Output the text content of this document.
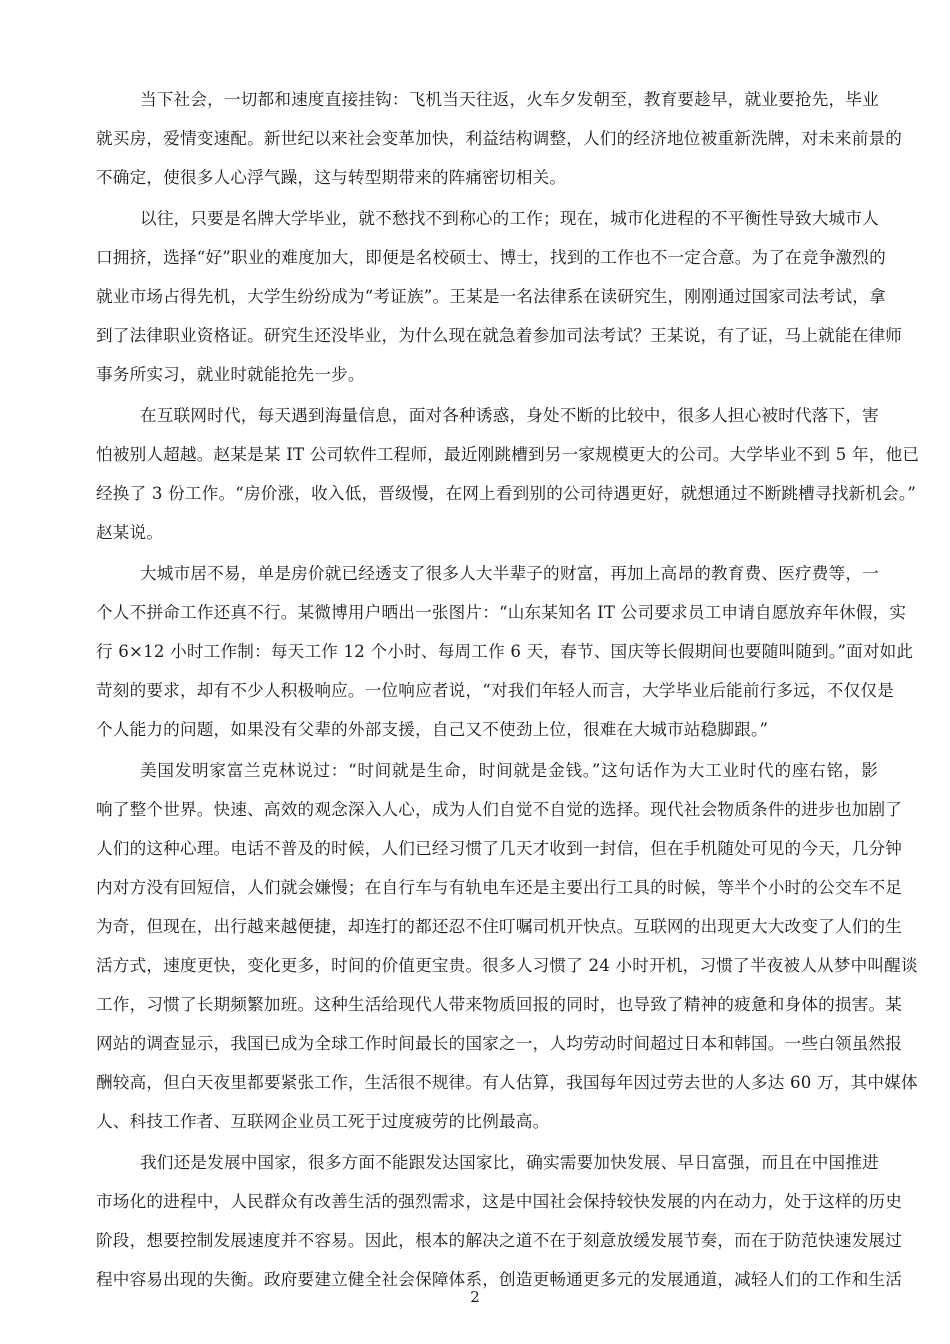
当下社会，一切都和速度直接挂钩：飞机当天往返，火车夕发朝至，教育要趁早，就业要抢先，毕业
就买房，爱情变速配。新世纪以来社会变革加快，利益结构调整，人们的经济地位被重新洗牌，对未来前景的
不确定，使很多人心浮气躁，这与转型期带来的阵痛密切相关。
以往，只要是名牌大学毕业，就不愁找不到称心的工作；现在，城市化进程的不平衡性导致大城市人
口拥挤，选择“好”职业的难度加大，即便是名校硕士、博士，找到的工作也不一定合意。为了在竞争激烈的
就业市场占得先机，大学生纷纷成为“考证族”。王某是一名法律系在读研究生，刚刚通过国家司法考试，拿
到了法律职业资格证。研究生还没毕业，为什么现在就急着参加司法考试？王某说，有了证，马上就能在律师
事务所实习，就业时就能抢先一步。
在互联网时代，每天遇到海量信息，面对各种诱惑，身处不断的比较中，很多人担心被时代落下，害
怕被别人超越。赵某是某 IT 公司软件工程师，最近刚跳槽到另一家规模更大的公司。大学毕业不到 5 年，他已
经换了 3 份工作。“房价涨，收入低，晋级慢，在网上看到别的公司待遇更好，就想通过不断跳槽寻找新机会。”
赵某说。
大城市居不易，单是房价就已经透支了很多人大半辈子的财富，再加上高昂的教育费、医疗费等，一
个人不拼命工作还真不行。某微博用户晒出一张图片：“山东某知名 IT 公司要求员工申请自愿放弃年休假，实
行 6×12 小时工作制：每天工作 12 个小时、每周工作 6 天，春节、国庆等长假期间也要随叫随到。”面对如此
苛刻的要求，却有不少人积极响应。一位响应者说，“对我们年轻人而言，大学毕业后能前行多远，不仅仅是
个人能力的问题，如果没有父辈的外部支援，自己又不使劲上位，很难在大城市站稳脚跟。”
美国发明家富兰克林说过：“时间就是生命，时间就是金钱。”这句话作为大工业时代的座右铭，影
响了整个世界。快速、高效的观念深入人心，成为人们自觉不自觉的选择。现代社会物质条件的进步也加剧了
人们的这种心理。电话不普及的时候，人们已经习惯了几天才收到一封信，但在手机随处可见的今天，几分钟
内对方没有回短信，人们就会嫌慢；在自行车与有轨电车还是主要出行工具的时候，等半个小时的公交车不足
为奇，但现在，出行越来越便捷，却连打的都还忍不住叮嘱司机开快点。互联网的出现更大大改变了人们的生
活方式，速度更快，变化更多，时间的价值更宝贵。很多人习惯了 24 小时开机，习惯了半夜被人从梦中叫醒谈
工作，习惯了长期频繁加班。这种生活给现代人带来物质回报的同时，也导致了精神的疲惫和身体的损害。某
网站的调查显示，我国已成为全球工作时间最长的国家之一，人均劳动时间超过日本和韩国。一些白领虽然报
酬较高，但白天夜里都要紧张工作，生活很不规律。有人估算，我国每年因过劳去世的人多达 60 万，其中媒体
人、科技工作者、互联网企业员工死于过度疲劳的比例最高。
我们还是发展中国家，很多方面不能跟发达国家比，确实需要加快发展、早日富强，而且在中国推进
市场化的进程中，人民群众有改善生活的强烈需求，这是中国社会保持较快发展的内在动力，处于这样的历史
阶段，想要控制发展速度并不容易。因此，根本的解决之道不在于刻意放缓发展节奏，而在于防范快速发展过
程中容易出现的失衡。政府要建立健全社会保障体系，创造更畅通更多元的发展通道，减轻人们的工作和生活
2
